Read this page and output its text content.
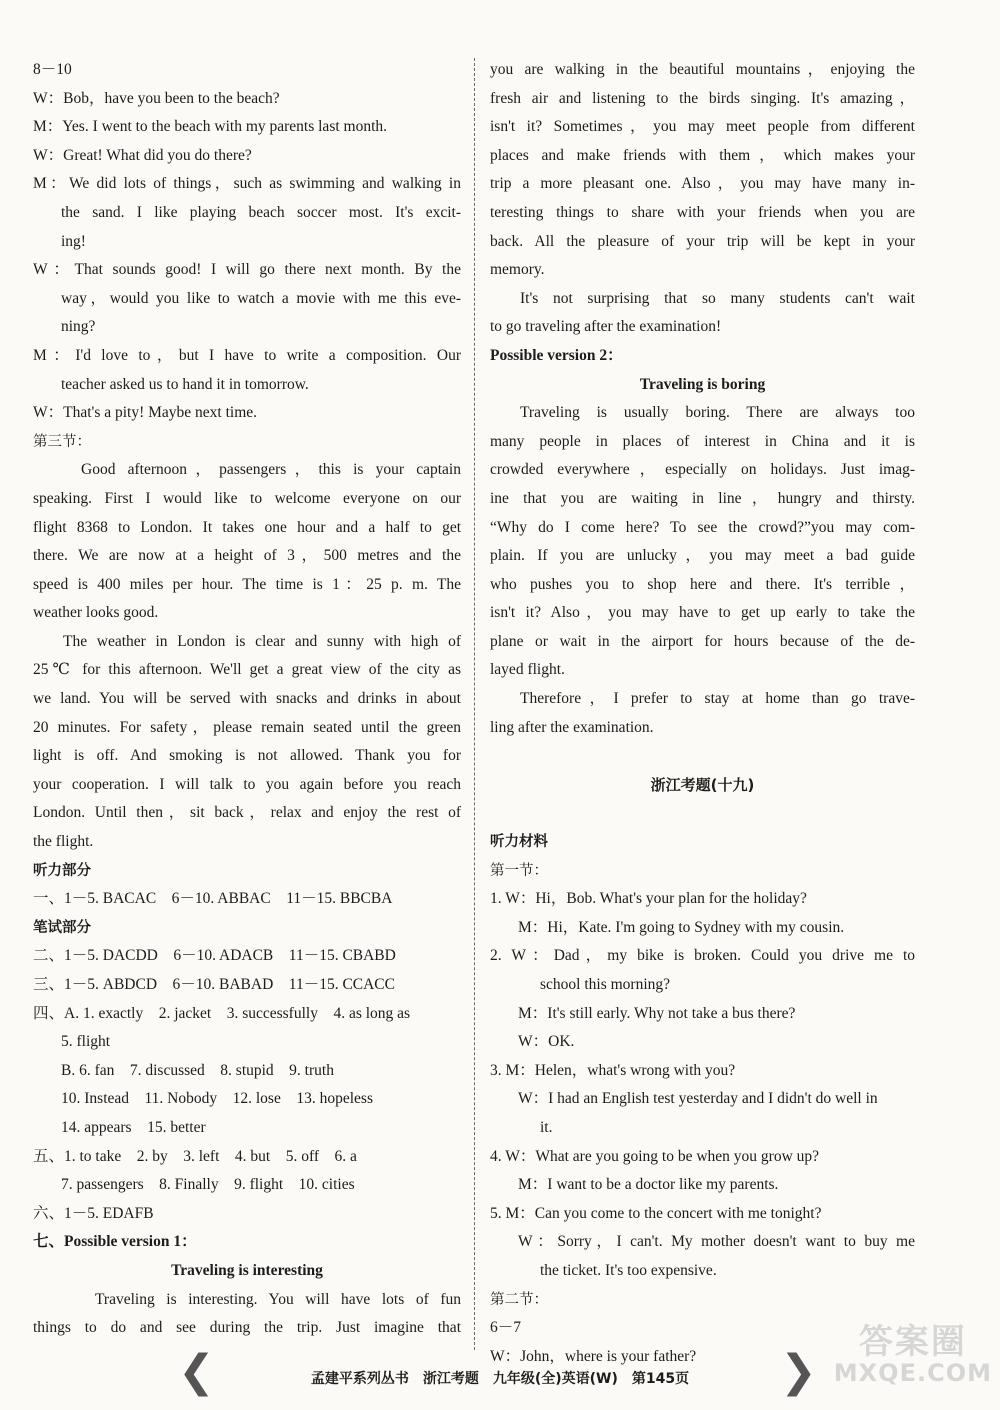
8－10
W：Bob，have you been to the beach?
M：Yes. I went to the beach with my parents last month.
W：Great! What did you do there?
M：We did lots of things，such as swimming and walking in
the sand. I like playing beach soccer most. It's excit-
ing!
W：That sounds good! I will go there next month. By the
way，would you like to watch a movie with me this eve-
ning?
M：I'd love to，but I have to write a composition. Our
teacher asked us to hand it in tomorrow.
W：That's a pity! Maybe next time.
第三节：
Good afternoon，passengers，this is your captain
speaking. First I would like to welcome everyone on our
flight 8368 to London. It takes one hour and a half to get
there. We are now at a height of 3，500 metres and the
speed is 400 miles per hour. The time is 1：25 p. m. The
weather looks good.
The weather in London is clear and sunny with high of
25℃ for this afternoon. We'll get a great view of the city as
we land. You will be served with snacks and drinks in about
20 minutes. For safety，please remain seated until the green
light is off. And smoking is not allowed. Thank you for
your cooperation. I will talk to you again before you reach
London. Until then，sit back，relax and enjoy the rest of
the flight.
听力部分
一、1－5. BACAC　6－10. ABBAC　11－15. BBCBA
笔试部分
二、1－5. DACDD　6－10. ADACB　11－15. CBABD
三、1－5. ABDCD　6－10. BABAD　11－15. CCACC
四、A. 1. exactly　2. jacket　3. successfully　4. as long as
5. flight
B. 6. fan　7. discussed　8. stupid　9. truth
10. Instead　11. Nobody　12. lose　13. hopeless
14. appears　15. better
五、1. to take　2. by　3. left　4. but　5. off　6. a
7. passengers　8. Finally　9. flight　10. cities
六、1－5. EDAFB
七、Possible version 1：
Traveling is interesting
Traveling is interesting. You will have lots of fun
things to do and see during the trip. Just imagine that
you are walking in the beautiful mountains，enjoying the
fresh air and listening to the birds singing. It's amazing，
isn't it? Sometimes，you may meet people from different
places and make friends with them，which makes your
trip a more pleasant one. Also，you may have many in-
teresting things to share with your friends when you are
back. All the pleasure of your trip will be kept in your
memory.
It's not surprising that so many students can't wait
to go traveling after the examination!
Possible version 2：
Traveling is boring
Traveling is usually boring. There are always too
many people in places of interest in China and it is
crowded everywhere，especially on holidays. Just imag-
ine that you are waiting in line，hungry and thirsty.
“Why do I come here? To see the crowd?”you may com-
plain. If you are unlucky，you may meet a bad guide
who pushes you to shop here and there. It's terrible，
isn't it? Also，you may have to get up early to take the
plane or wait in the airport for hours because of the de-
layed flight.
Therefore，I prefer to stay at home than go trave-
ling after the examination.
浙江考题(十九)
听力材料
第一节：
1. W：Hi，Bob. What's your plan for the holiday?
M：Hi，Kate. I'm going to Sydney with my cousin.
2. W：Dad，my bike is broken. Could you drive me to
school this morning?
M：It's still early. Why not take a bus there?
W：OK.
3. M：Helen，what's wrong with you?
W：I had an English test yesterday and I didn't do well in
it.
4. W：What are you going to be when you grow up?
M：I want to be a doctor like my parents.
5. M：Can you come to the concert with me tonight?
W：Sorry，I can't. My mother doesn't want to buy me
the ticket. It's too expensive.
第二节：
6－7
W：John，where is your father?
❮	孟建平系列丛书　浙江考题　九年级(全)英语(W)　第145页	❯
答案圈
MXQE.COM
